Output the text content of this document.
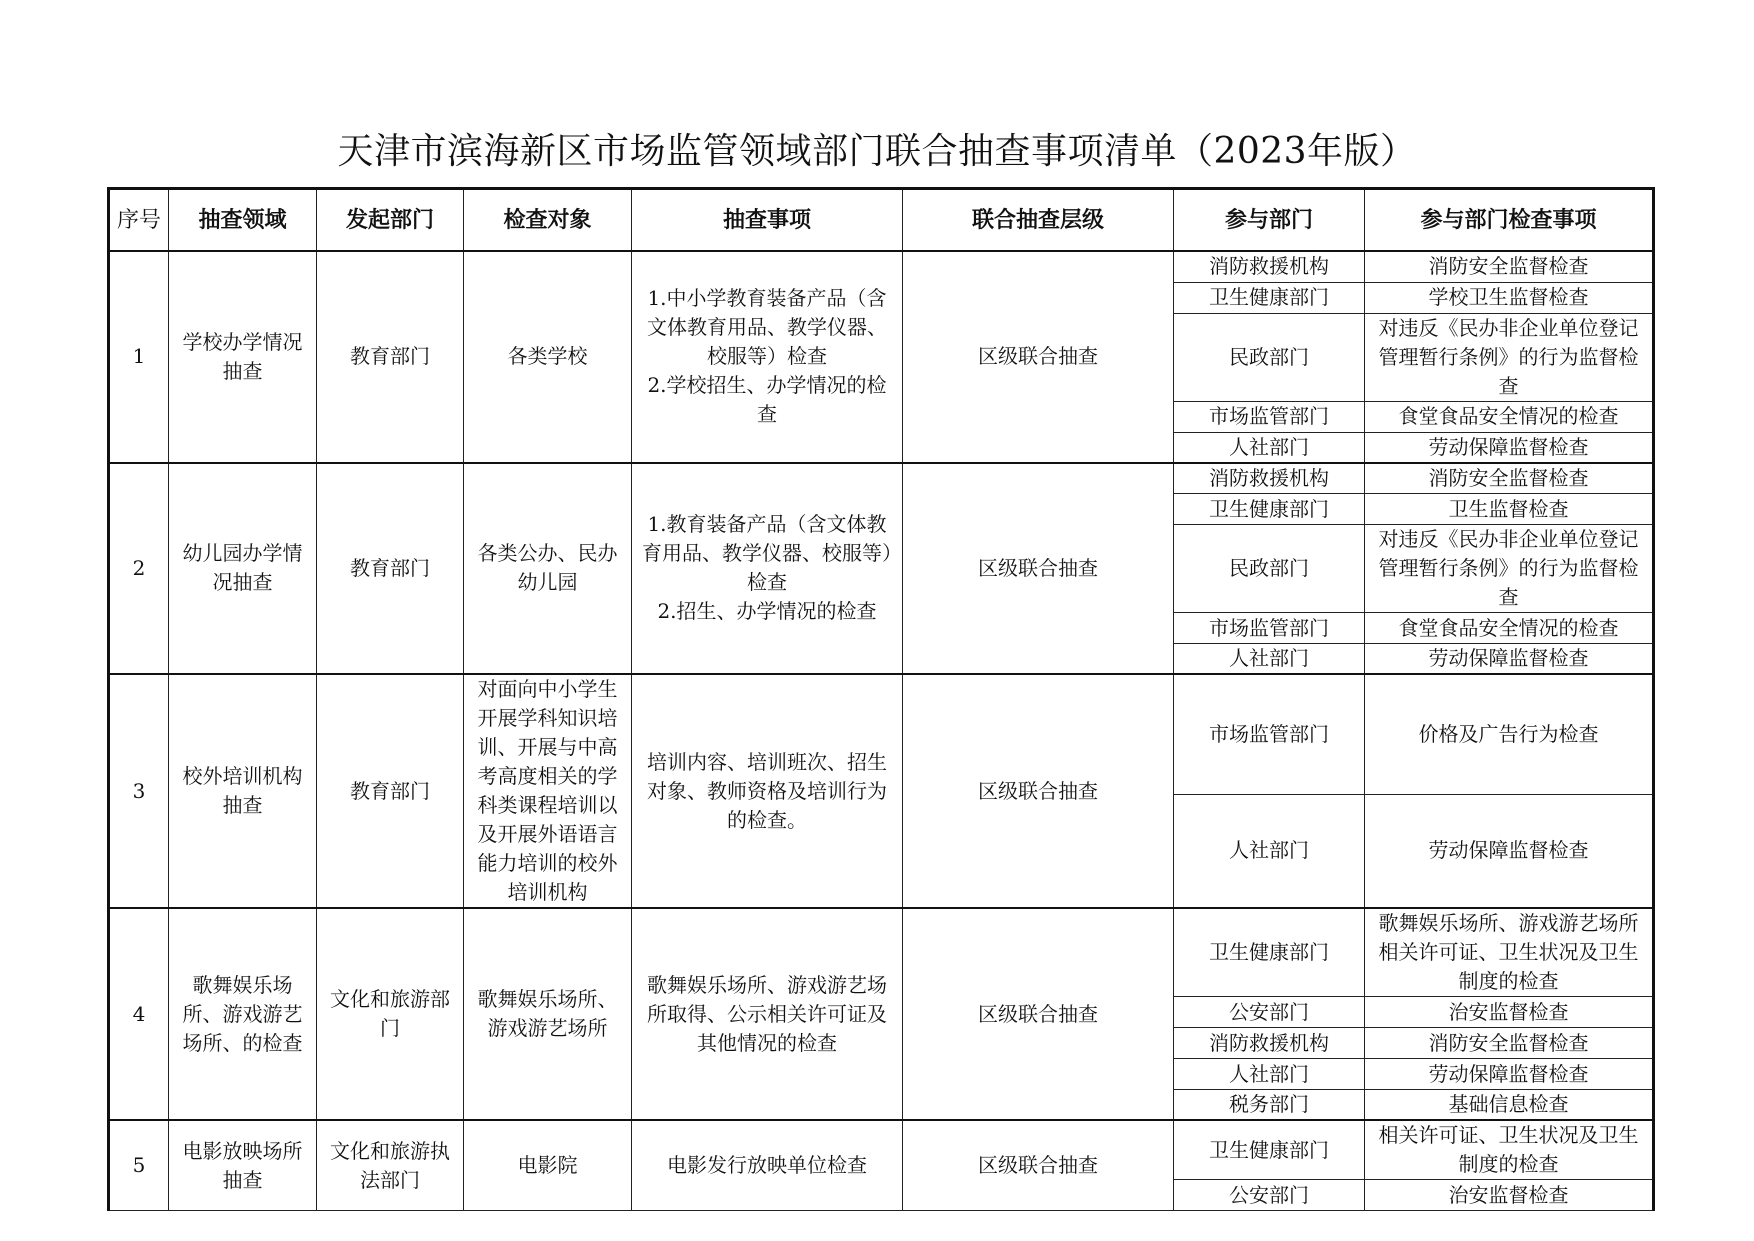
天津市滨海新区市场监管领域部门联合抽查事项清单（2023年版）
序号	抽查领域	发起部门	检查对象	抽查事项	联合抽查层级	参与部门	参与部门检查事项
1	学校办学情况抽查	教育部门	各类学校	1.中小学教育装备产品（含文体教育用品、教学仪器、校服等）检查
2.学校招生、办学情况的检查	区级联合抽查	消防救援机构	消防安全监督检查
						卫生健康部门	学校卫生监督检查
						民政部门	对违反《民办非企业单位登记管理暂行条例》的行为监督检查
						市场监管部门	食堂食品安全情况的检查
						人社部门	劳动保障监督检查
2	幼儿园办学情况抽查	教育部门	各类公办、民办幼儿园	1.教育装备产品（含文体教育用品、教学仪器、校服等）检查
2.招生、办学情况的检查	区级联合抽查	消防救援机构	消防安全监督检查
						卫生健康部门	卫生监督检查
						民政部门	对违反《民办非企业单位登记管理暂行条例》的行为监督检查
						市场监管部门	食堂食品安全情况的检查
						人社部门	劳动保障监督检查
3	校外培训机构抽查	教育部门	对面向中小学生开展学科知识培训、开展与中高考高度相关的学科类课程培训以及开展外语语言能力培训的校外培训机构	培训内容、培训班次、招生对象、教师资格及培训行为的检查。	区级联合抽查	市场监管部门	价格及广告行为检查
						人社部门	劳动保障监督检查
4	歌舞娱乐场所、游戏游艺场所、的检查	文化和旅游部门	歌舞娱乐场所、游戏游艺场所	歌舞娱乐场所、游戏游艺场所取得、公示相关许可证及其他情况的检查	区级联合抽查	卫生健康部门	歌舞娱乐场所、游戏游艺场所相关许可证、卫生状况及卫生制度的检查
						公安部门	治安监督检查
						消防救援机构	消防安全监督检查
						人社部门	劳动保障监督检查
						税务部门	基础信息检查
5	电影放映场所抽查	文化和旅游执法部门	电影院	电影发行放映单位检查	区级联合抽查	卫生健康部门	相关许可证、卫生状况及卫生制度的检查
						公安部门	治安监督检查
